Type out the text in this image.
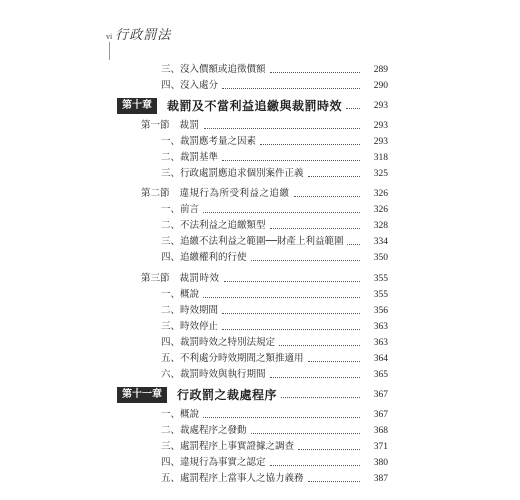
vi 行政罰法
三、沒入價額或追徵價額	289
四、沒入處分	290
第十章	裁罰及不當利益追繳與裁罰時效	293
第一節 裁罰	293
一、裁罰應考量之因素	293
二、裁罰基準	318
三、行政處罰應追求個別案件正義	325
第二節 違規行為所受利益之追繳	326
一、前言	326
二、不法利益之追繳類型	328
三、追繳不法利益之範圍──財產上利益範圍	334
四、追繳權利的行使	350
第三節 裁罰時效	355
一、概說	355
二、時效期間	356
三、時效停止	363
四、裁罰時效之特別法規定	363
五、不利處分時效期間之類推適用	364
六、裁罰時效與執行期間	365
第十一章	行政罰之裁處程序	367
一、概說	367
二、裁處程序之發動	368
三、處罰程序上事實證據之調查	371
四、違規行為事實之認定	380
五、處罰程序上當事人之協力義務	387
